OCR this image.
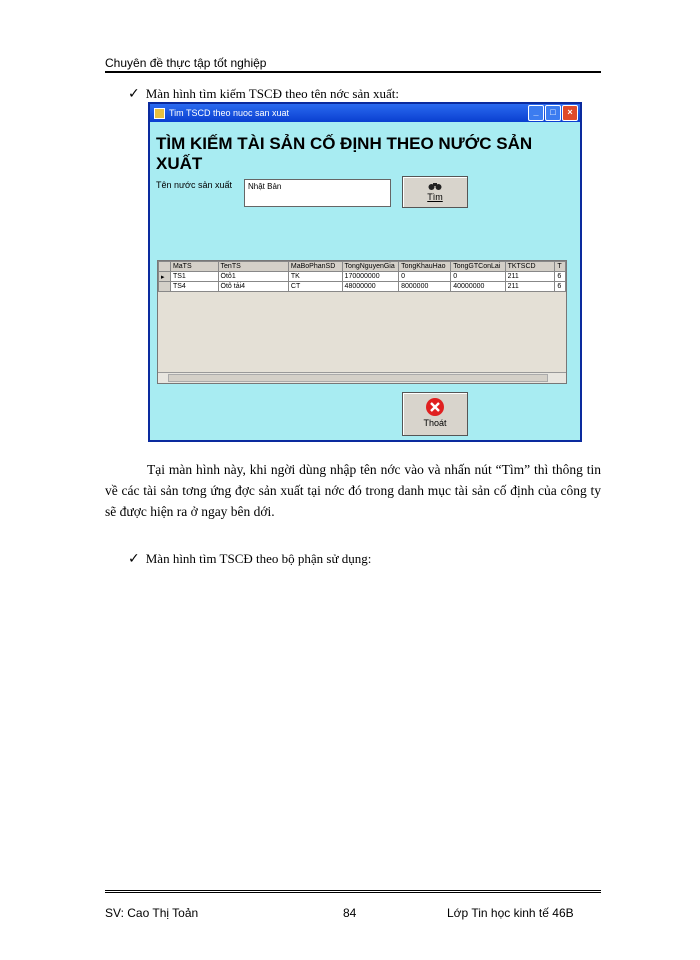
Chuyên đề thực tập tốt nghiệp
✓ Màn hình tìm kiếm TSCĐ theo tên nớc sản xuất:
Tim TSCD theo nuoc san xuat	_	□	×
TÌM KIẾM TÀI SẢN CỐ ĐỊNH THEO NƯỚC SẢN XUẤT
Tên nước sản xuất	Nhật Bản
Tìm
	MaTS	TenTS	MaBoPhanSD	TongNguyenGia	TongKhauHao	TongGTConLai	TKTSCD	T
▸	TS1	Ôtô1	TK	170000000	0	0	211	6
	TS4	Ôtô tải4	CT	48000000	8000000	40000000	211	6
Thoát
Tại màn hình này, khi ngời dùng nhập tên nớc vào và nhấn nút “Tìm” thì thông tin về các tài sản tơng ứng đợc sản xuất tại nớc đó trong danh mục tài sản cố định của công ty sẽ được hiện ra ở ngay bên dới.
✓ Màn hình tìm TSCĐ theo bộ phận sử dụng:
SV: Cao Thị Toản	84	Lớp Tin học kinh tế 46B
